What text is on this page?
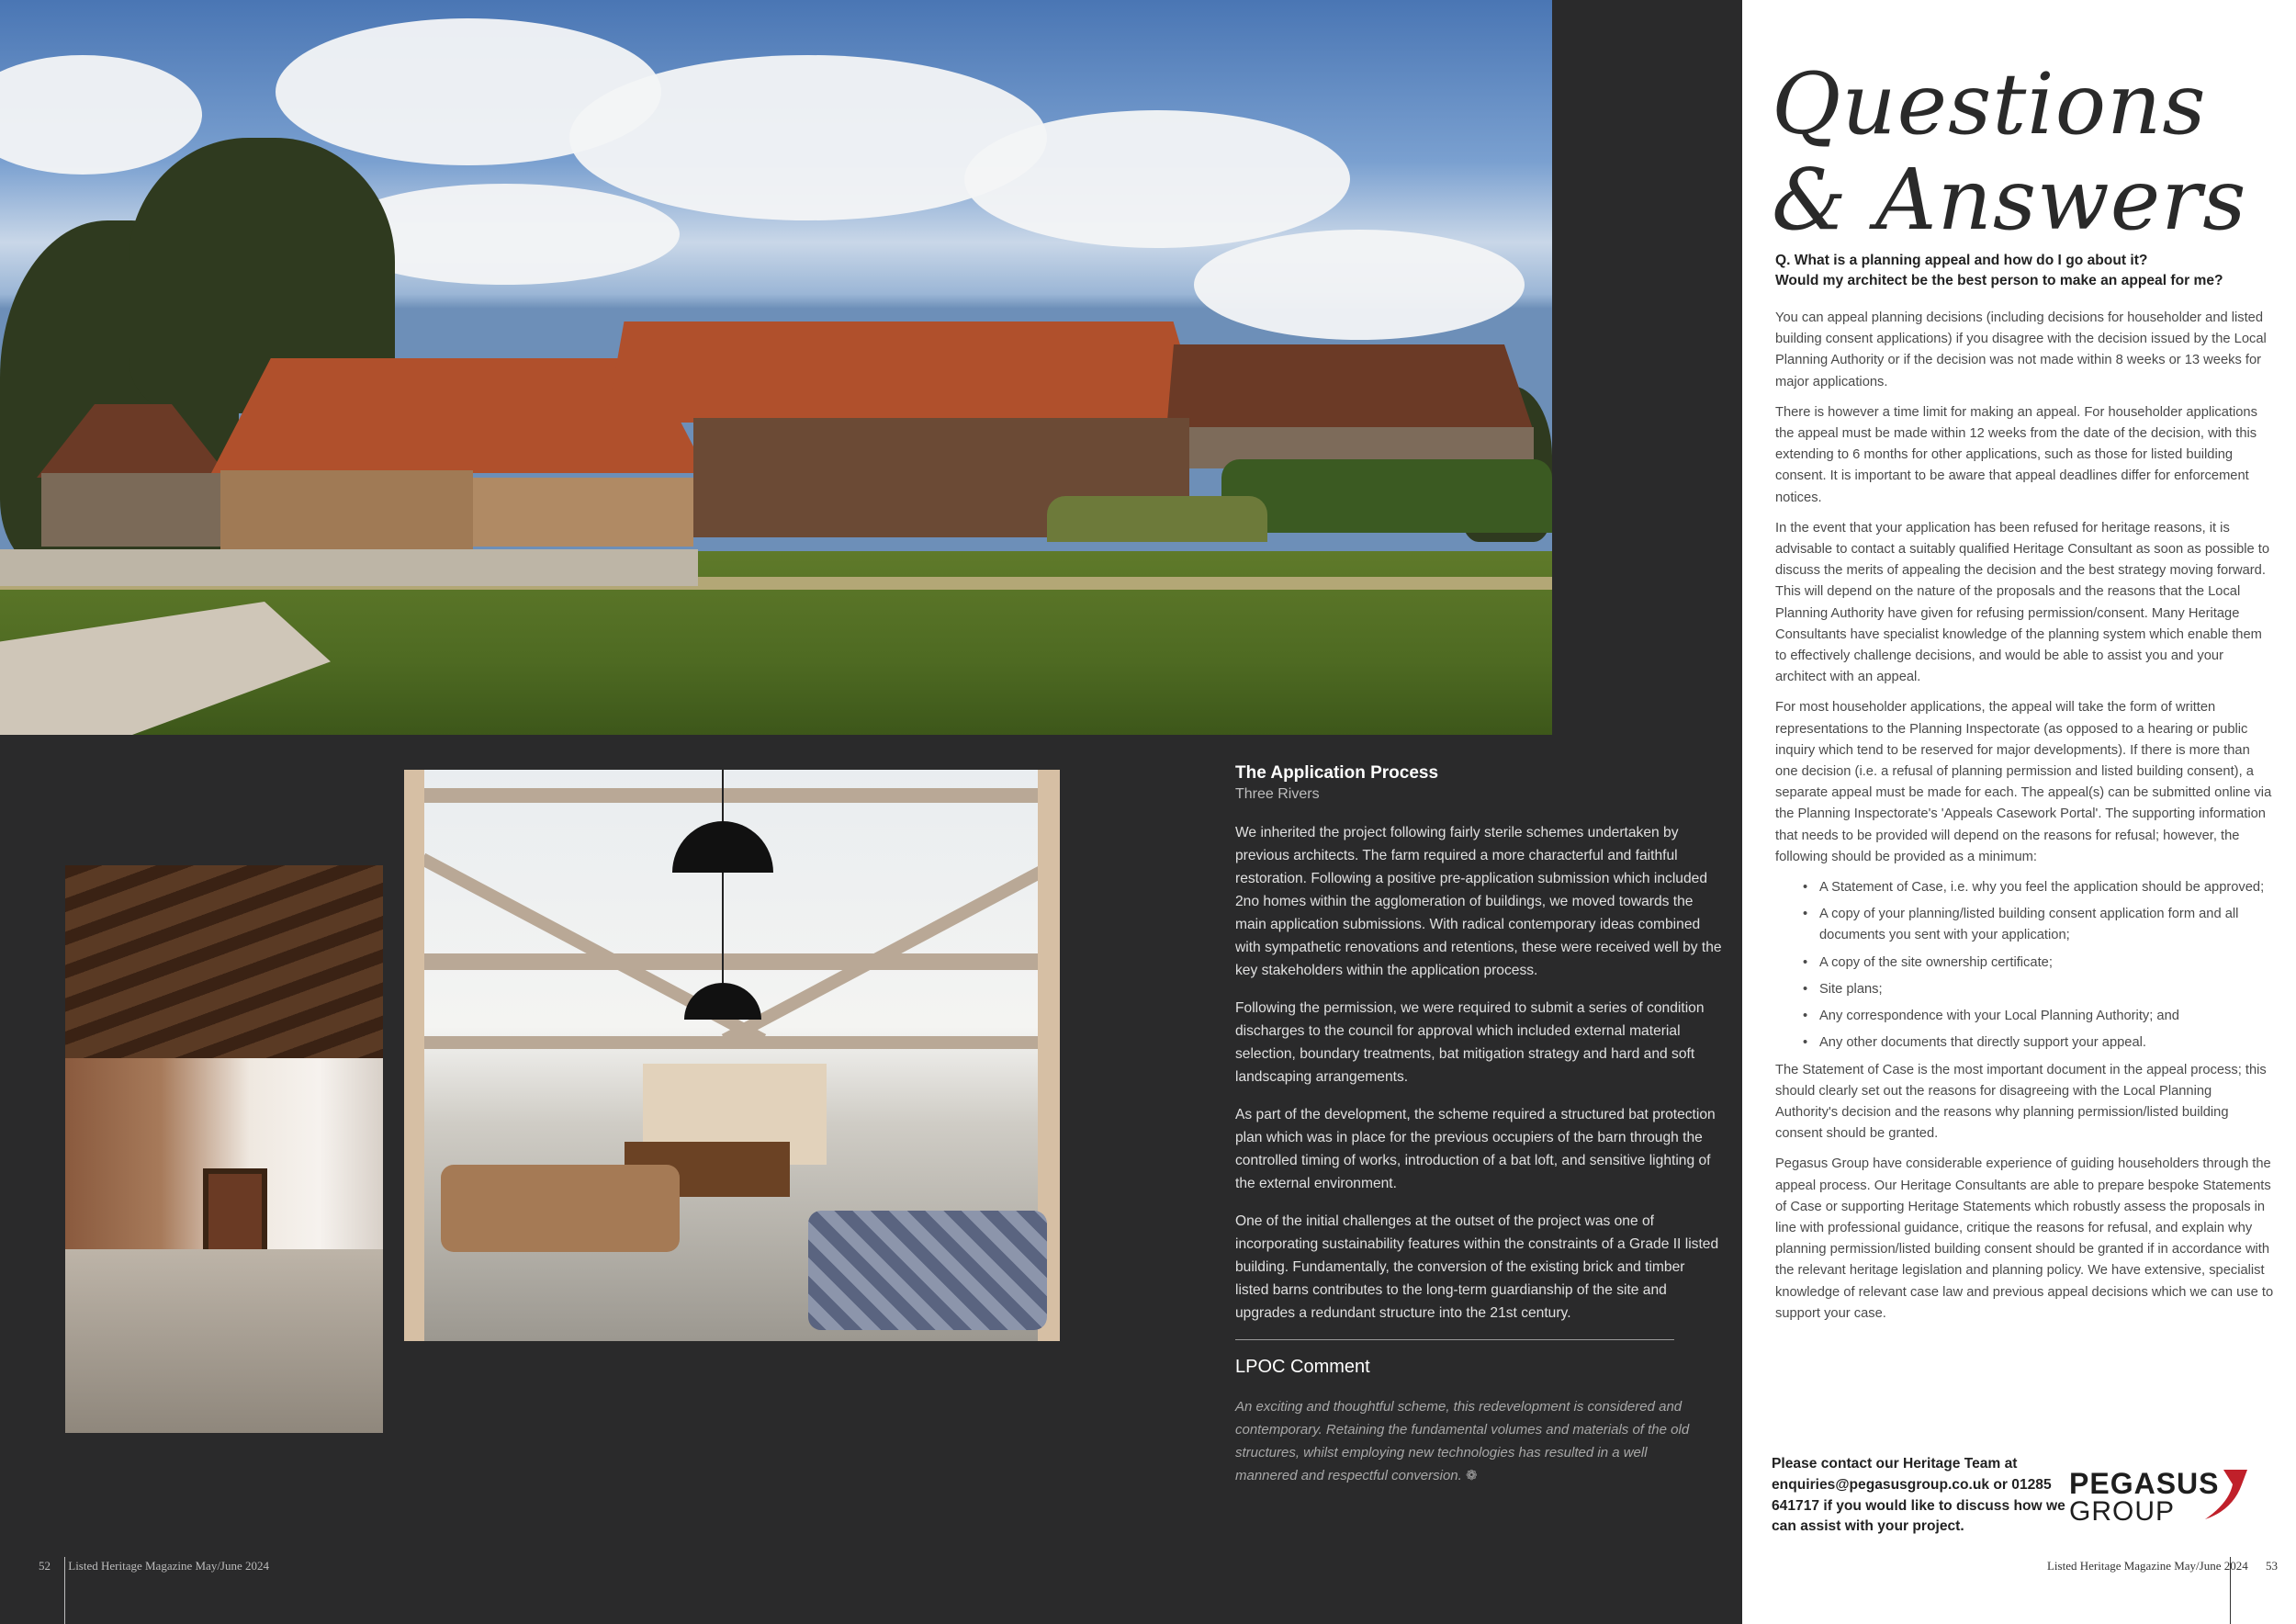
The Application Process
Three Rivers

We inherited the project following fairly sterile schemes undertaken by previous architects. The farm required a more characterful and faithful restoration. Following a positive pre-application submission which included 2no homes within the agglomeration of buildings, we moved towards the main application submissions. With radical contemporary ideas combined with sympathetic renovations and retentions, these were received well by the key stakeholders within the application process.

Following the permission, we were required to submit a series of condition discharges to the council for approval which included external material selection, boundary treatments, bat mitigation strategy and hard and soft landscaping arrangements.

As part of the development, the scheme required a structured bat protection plan which was in place for the previous occupiers of the barn through the controlled timing of works, introduction of a bat loft, and sensitive lighting of the external environment.

One of the initial challenges at the outset of the project was one of incorporating sustainability features within the constraints of a Grade II listed building. Fundamentally, the conversion of the existing brick and timber listed barns contributes to the long-term guardianship of the site and upgrades a redundant structure into the 21st century.

LPOC Comment
An exciting and thoughtful scheme, this redevelopment is considered and contemporary. Retaining the fundamental volumes and materials of the old structures, whilst employing new technologies has resulted in a well mannered and respectful conversion. ❁
52 Listed Heritage Magazine May/June 2024
Questions
& Answers
Q. What is a planning appeal and how do I go about it?
Would my architect be the best person to make an appeal for me?

You can appeal planning decisions (including decisions for householder and listed building consent applications) if you disagree with the decision issued by the Local Planning Authority or if the decision was not made within 8 weeks or 13 weeks for major applications.

There is however a time limit for making an appeal. For householder applications the appeal must be made within 12 weeks from the date of the decision, with this extending to 6 months for other applications, such as those for listed building consent. It is important to be aware that appeal deadlines differ for enforcement notices.

In the event that your application has been refused for heritage reasons, it is advisable to contact a suitably qualified Heritage Consultant as soon as possible to discuss the merits of appealing the decision and the best strategy moving forward. This will depend on the nature of the proposals and the reasons that the Local Planning Authority have given for refusing permission/consent. Many Heritage Consultants have specialist knowledge of the planning system which enable them to effectively challenge decisions, and would be able to assist you and your architect with an appeal.

For most householder applications, the appeal will take the form of written representations to the Planning Inspectorate (as opposed to a hearing or public inquiry which tend to be reserved for major developments). If there is more than one decision (i.e. a refusal of planning permission and listed building consent), a separate appeal must be made for each. The appeal(s) can be submitted online via the Planning Inspectorate's 'Appeals Casework Portal'. The supporting information that needs to be provided will depend on the reasons for refusal; however, the following should be provided as a minimum:

• A Statement of Case, i.e. why you feel the application should be approved;
• A copy of your planning/listed building consent application form and all documents you sent with your application;
• A copy of the site ownership certificate;
• Site plans;
• Any correspondence with your Local Planning Authority; and
• Any other documents that directly support your appeal.

The Statement of Case is the most important document in the appeal process; this should clearly set out the reasons for disagreeing with the Local Planning Authority's decision and the reasons why planning permission/listed building consent should be granted.

Pegasus Group have considerable experience of guiding householders through the appeal process. Our Heritage Consultants are able to prepare bespoke Statements of Case or supporting Heritage Statements which robustly assess the proposals in line with professional guidance, critique the reasons for refusal, and explain why planning permission/listed building consent should be granted if in accordance with the relevant heritage legislation and planning policy. We have extensive, specialist knowledge of relevant case law and previous appeal decisions which we can use to support your case.

Please contact our Heritage Team at enquiries@pegasusgroup.co.uk or 01285 641717 if you would like to discuss how we can assist with your project.
PEGASUS
GROUP
Listed Heritage Magazine May/June 2024 53
